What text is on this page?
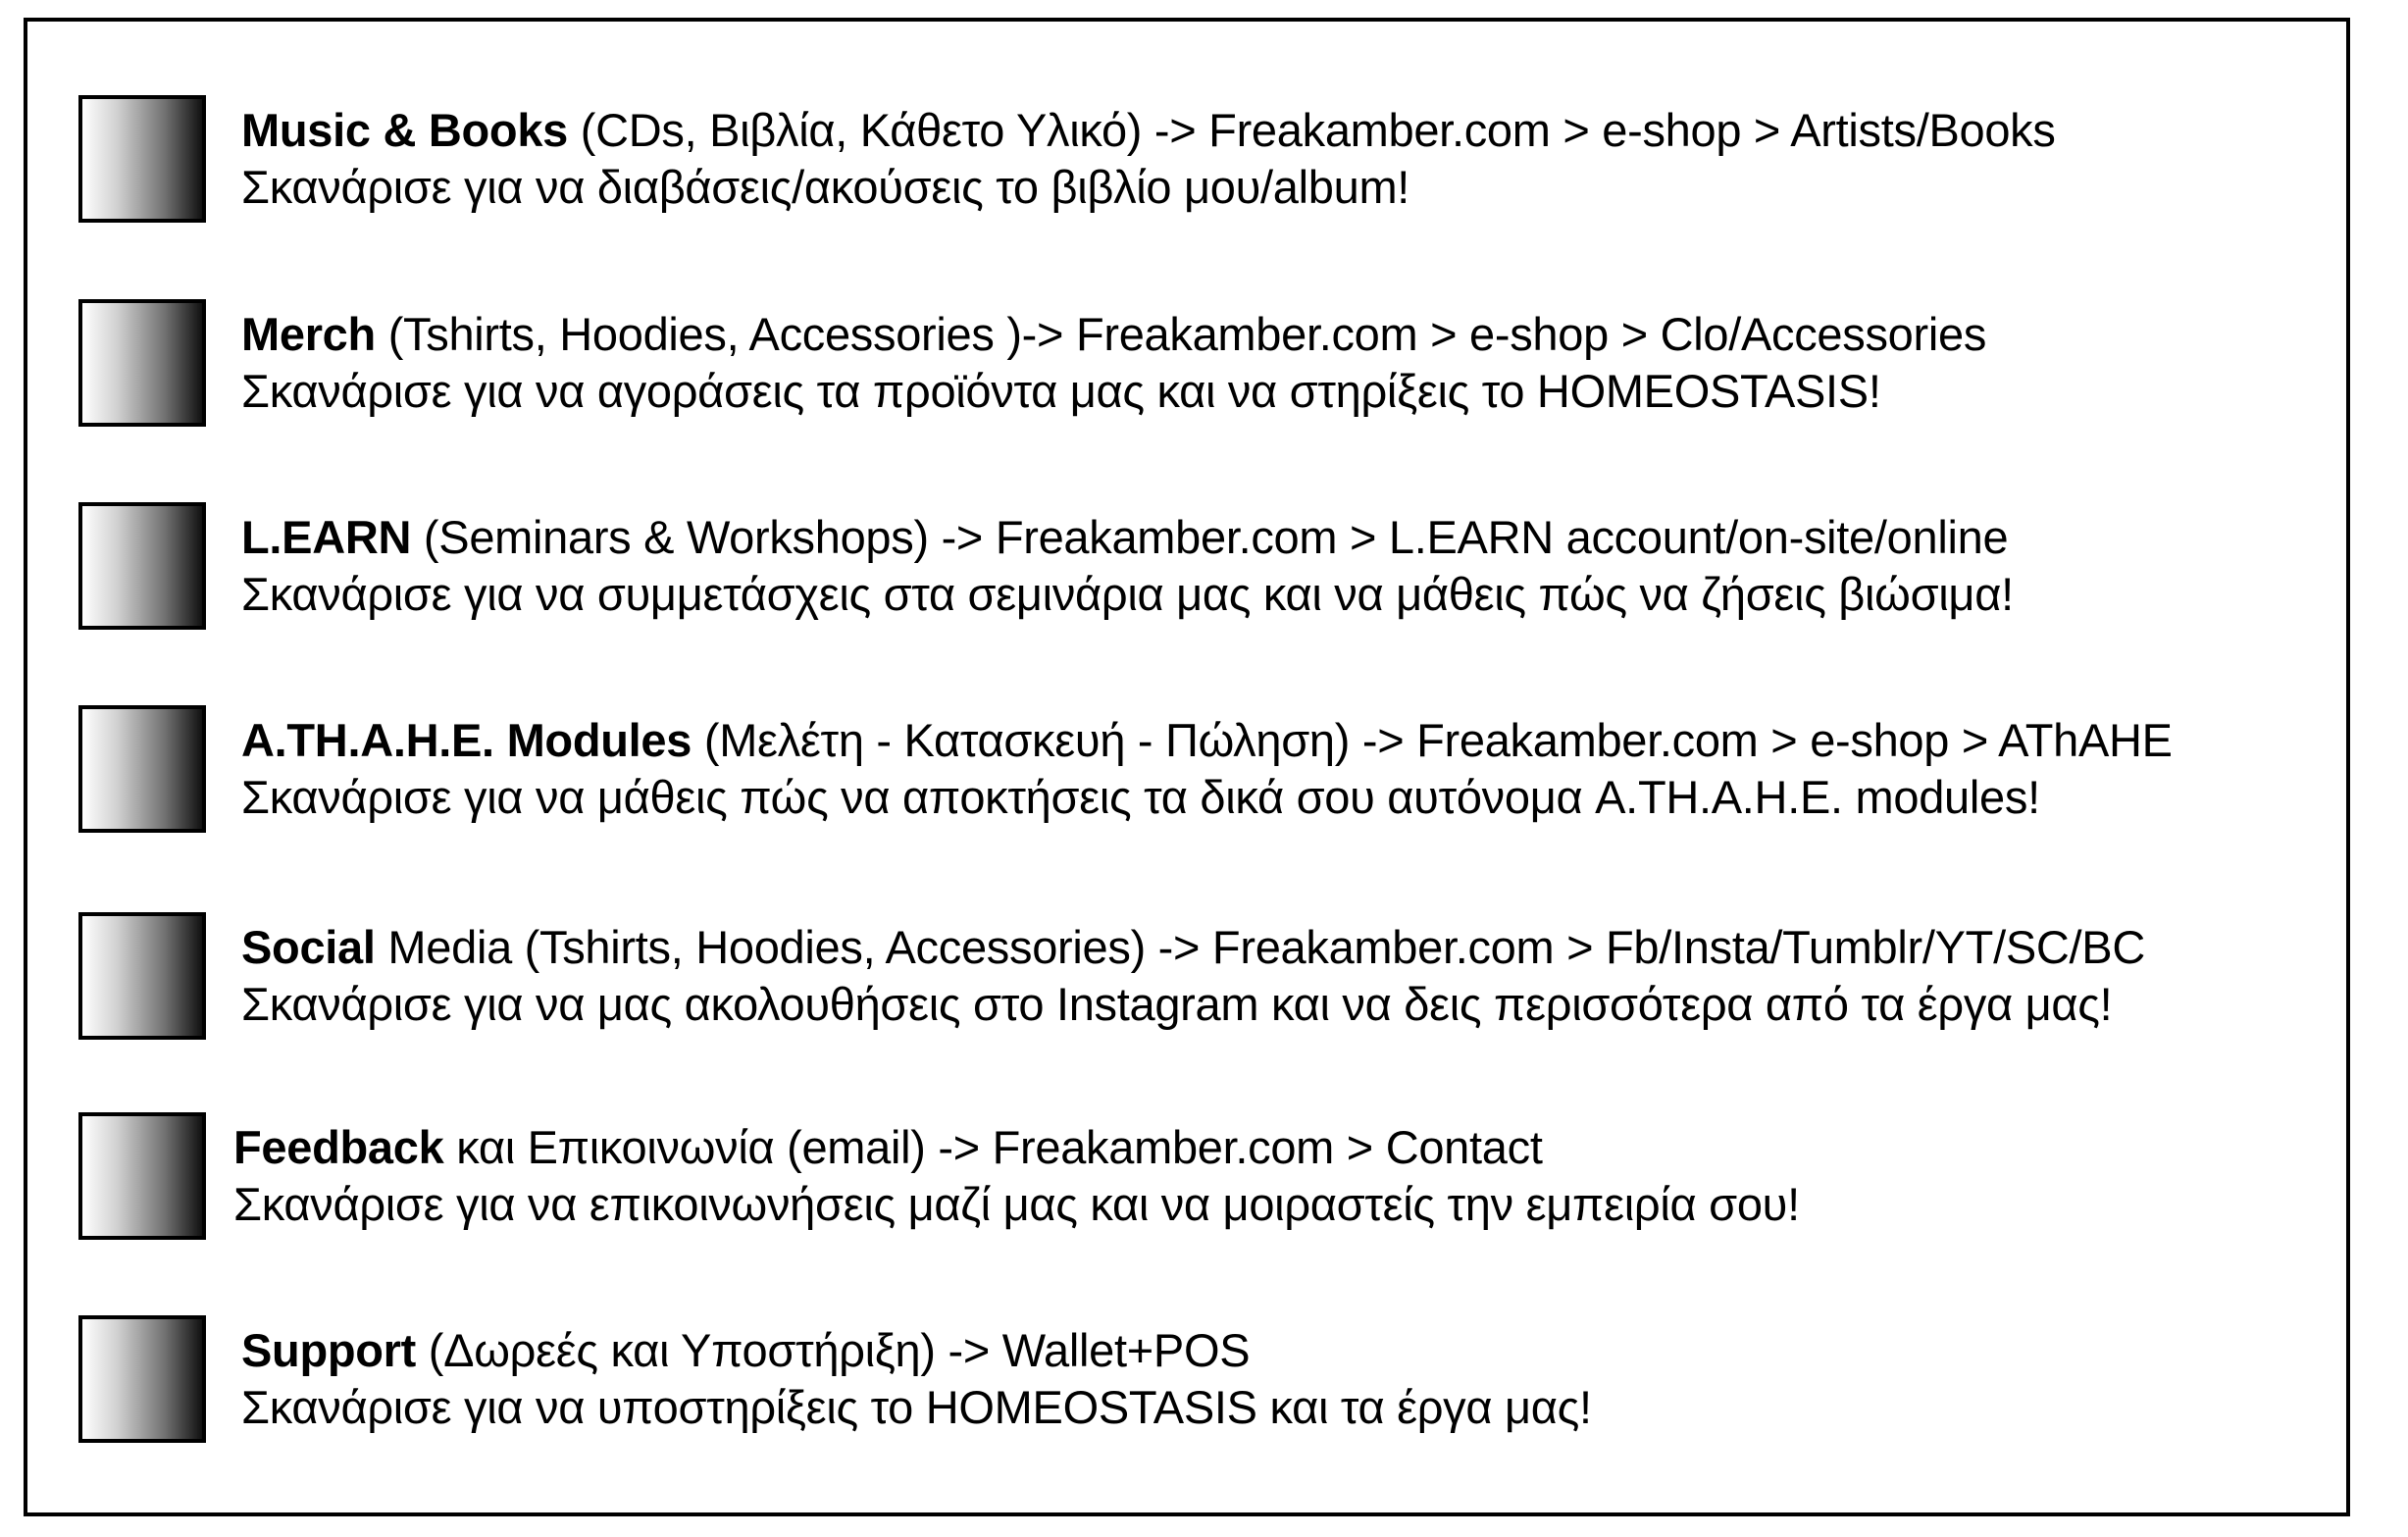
Music & Books (CDs, Βιβλία, Κάθετο Υλικό) -> Freakamber.com > e-shop > Artists/Books
Σκανάρισε για να διαβάσεις/ακούσεις το βιβλίο μου/album!
Merch (Tshirts, Hoodies, Accessories )-> Freakamber.com > e-shop > Clo/Accessories
Σκανάρισε για να αγοράσεις τα προϊόντα μας και να στηρίξεις το HOMEOSTASIS!
L.EARN (Seminars & Workshops) -> Freakamber.com > L.EARN account/on-site/online
Σκανάρισε για να συμμετάσχεις στα σεμινάρια μας και να μάθεις πώς να ζήσεις βιώσιμα!
A.TH.A.H.E. Modules (Μελέτη - Κατασκευή - Πώληση) -> Freakamber.com > e-shop > AThAHE
Σκανάρισε για να μάθεις πώς να αποκτήσεις τα δικά σου αυτόνομα A.TH.A.H.E. modules!
Social Media (Tshirts, Hoodies, Accessories) -> Freakamber.com > Fb/Insta/Tumblr/YT/SC/BC
Σκανάρισε για να μας ακολουθήσεις στο Instagram και να δεις περισσότερα από τα έργα μας!
Feedback και Επικοινωνία (email) -> Freakamber.com > Contact
Σκανάρισε για να επικοινωνήσεις μαζί μας και να μοιραστείς την εμπειρία σου!
Support (Δωρεές και Υποστήριξη) -> Wallet+POS
Σκανάρισε για να υποστηρίξεις το HOMEOSTASIS και τα έργα μας!
